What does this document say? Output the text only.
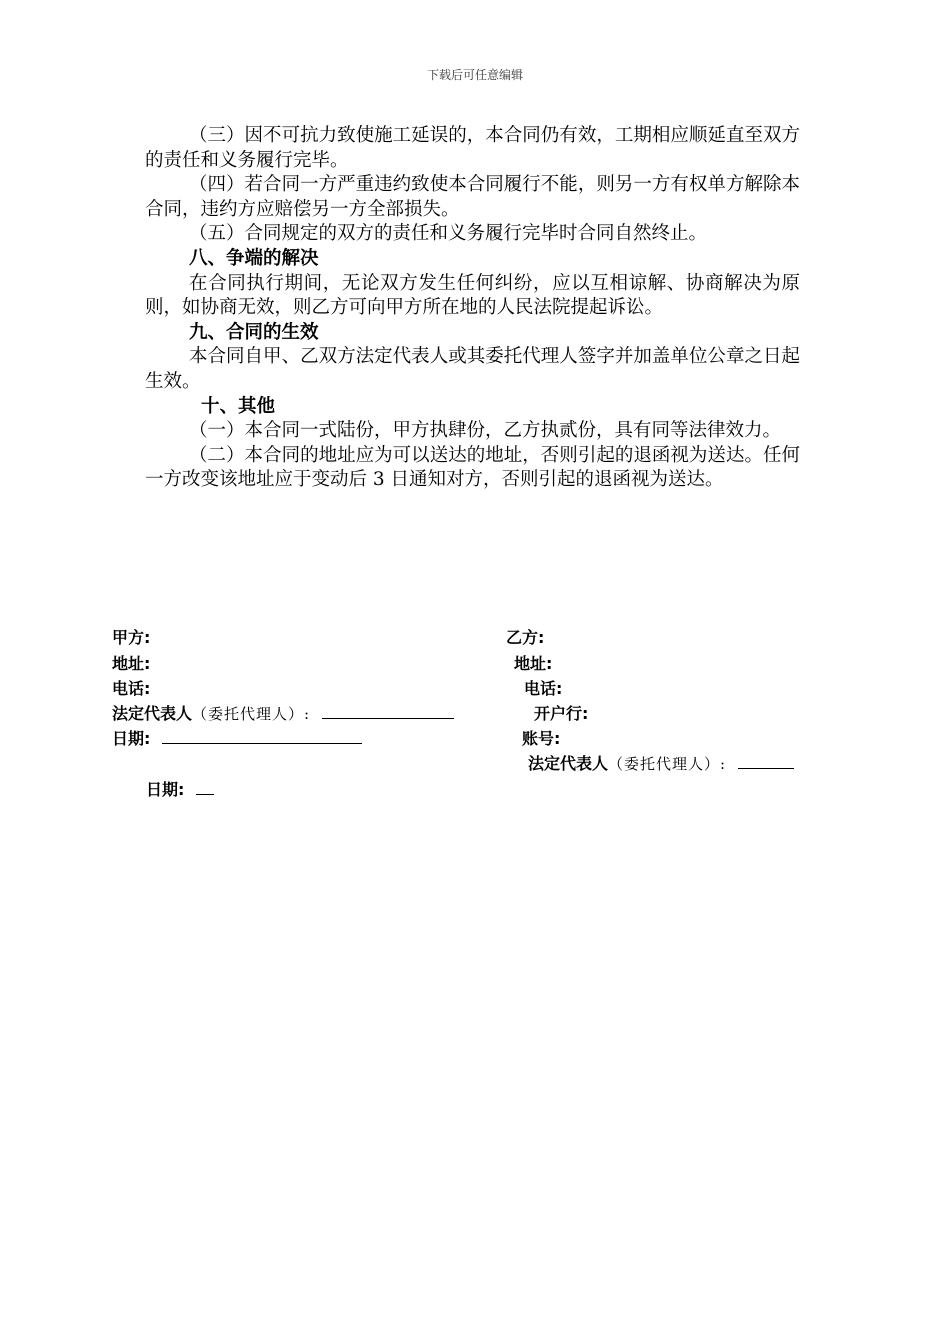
下载后可任意编辑

（三）因不可抗力致使施工延误的，本合同仍有效，工期相应顺延直至双方的责任和义务履行完毕。

（四）若合同一方严重违约致使本合同履行不能，则另一方有权单方解除本合同，违约方应赔偿另一方全部损失。

（五）合同规定的双方的责任和义务履行完毕时合同自然终止。

八、争端的解决

在合同执行期间，无论双方发生任何纠纷，应以互相谅解、协商解决为原则，如协商无效，则乙方可向甲方所在地的人民法院提起诉讼。

九、合同的生效

本合同自甲、乙双方法定代表人或其委托代理人签字并加盖单位公章之日起生效。

十、其他

（一）本合同一式陆份，甲方执肆份，乙方执贰份，具有同等法律效力。

（二）本合同的地址应为可以送达的地址，否则引起的退函视为送达。任何一方改变该地址应于变动后 3 日通知对方，否则引起的退函视为送达。

甲方:
地址:
电话:
法定代表人（委托代理人）:
日期:
乙方:
地址:
电话:
开户行:
账号:
法定代表人（委托代理人）:
日期:
